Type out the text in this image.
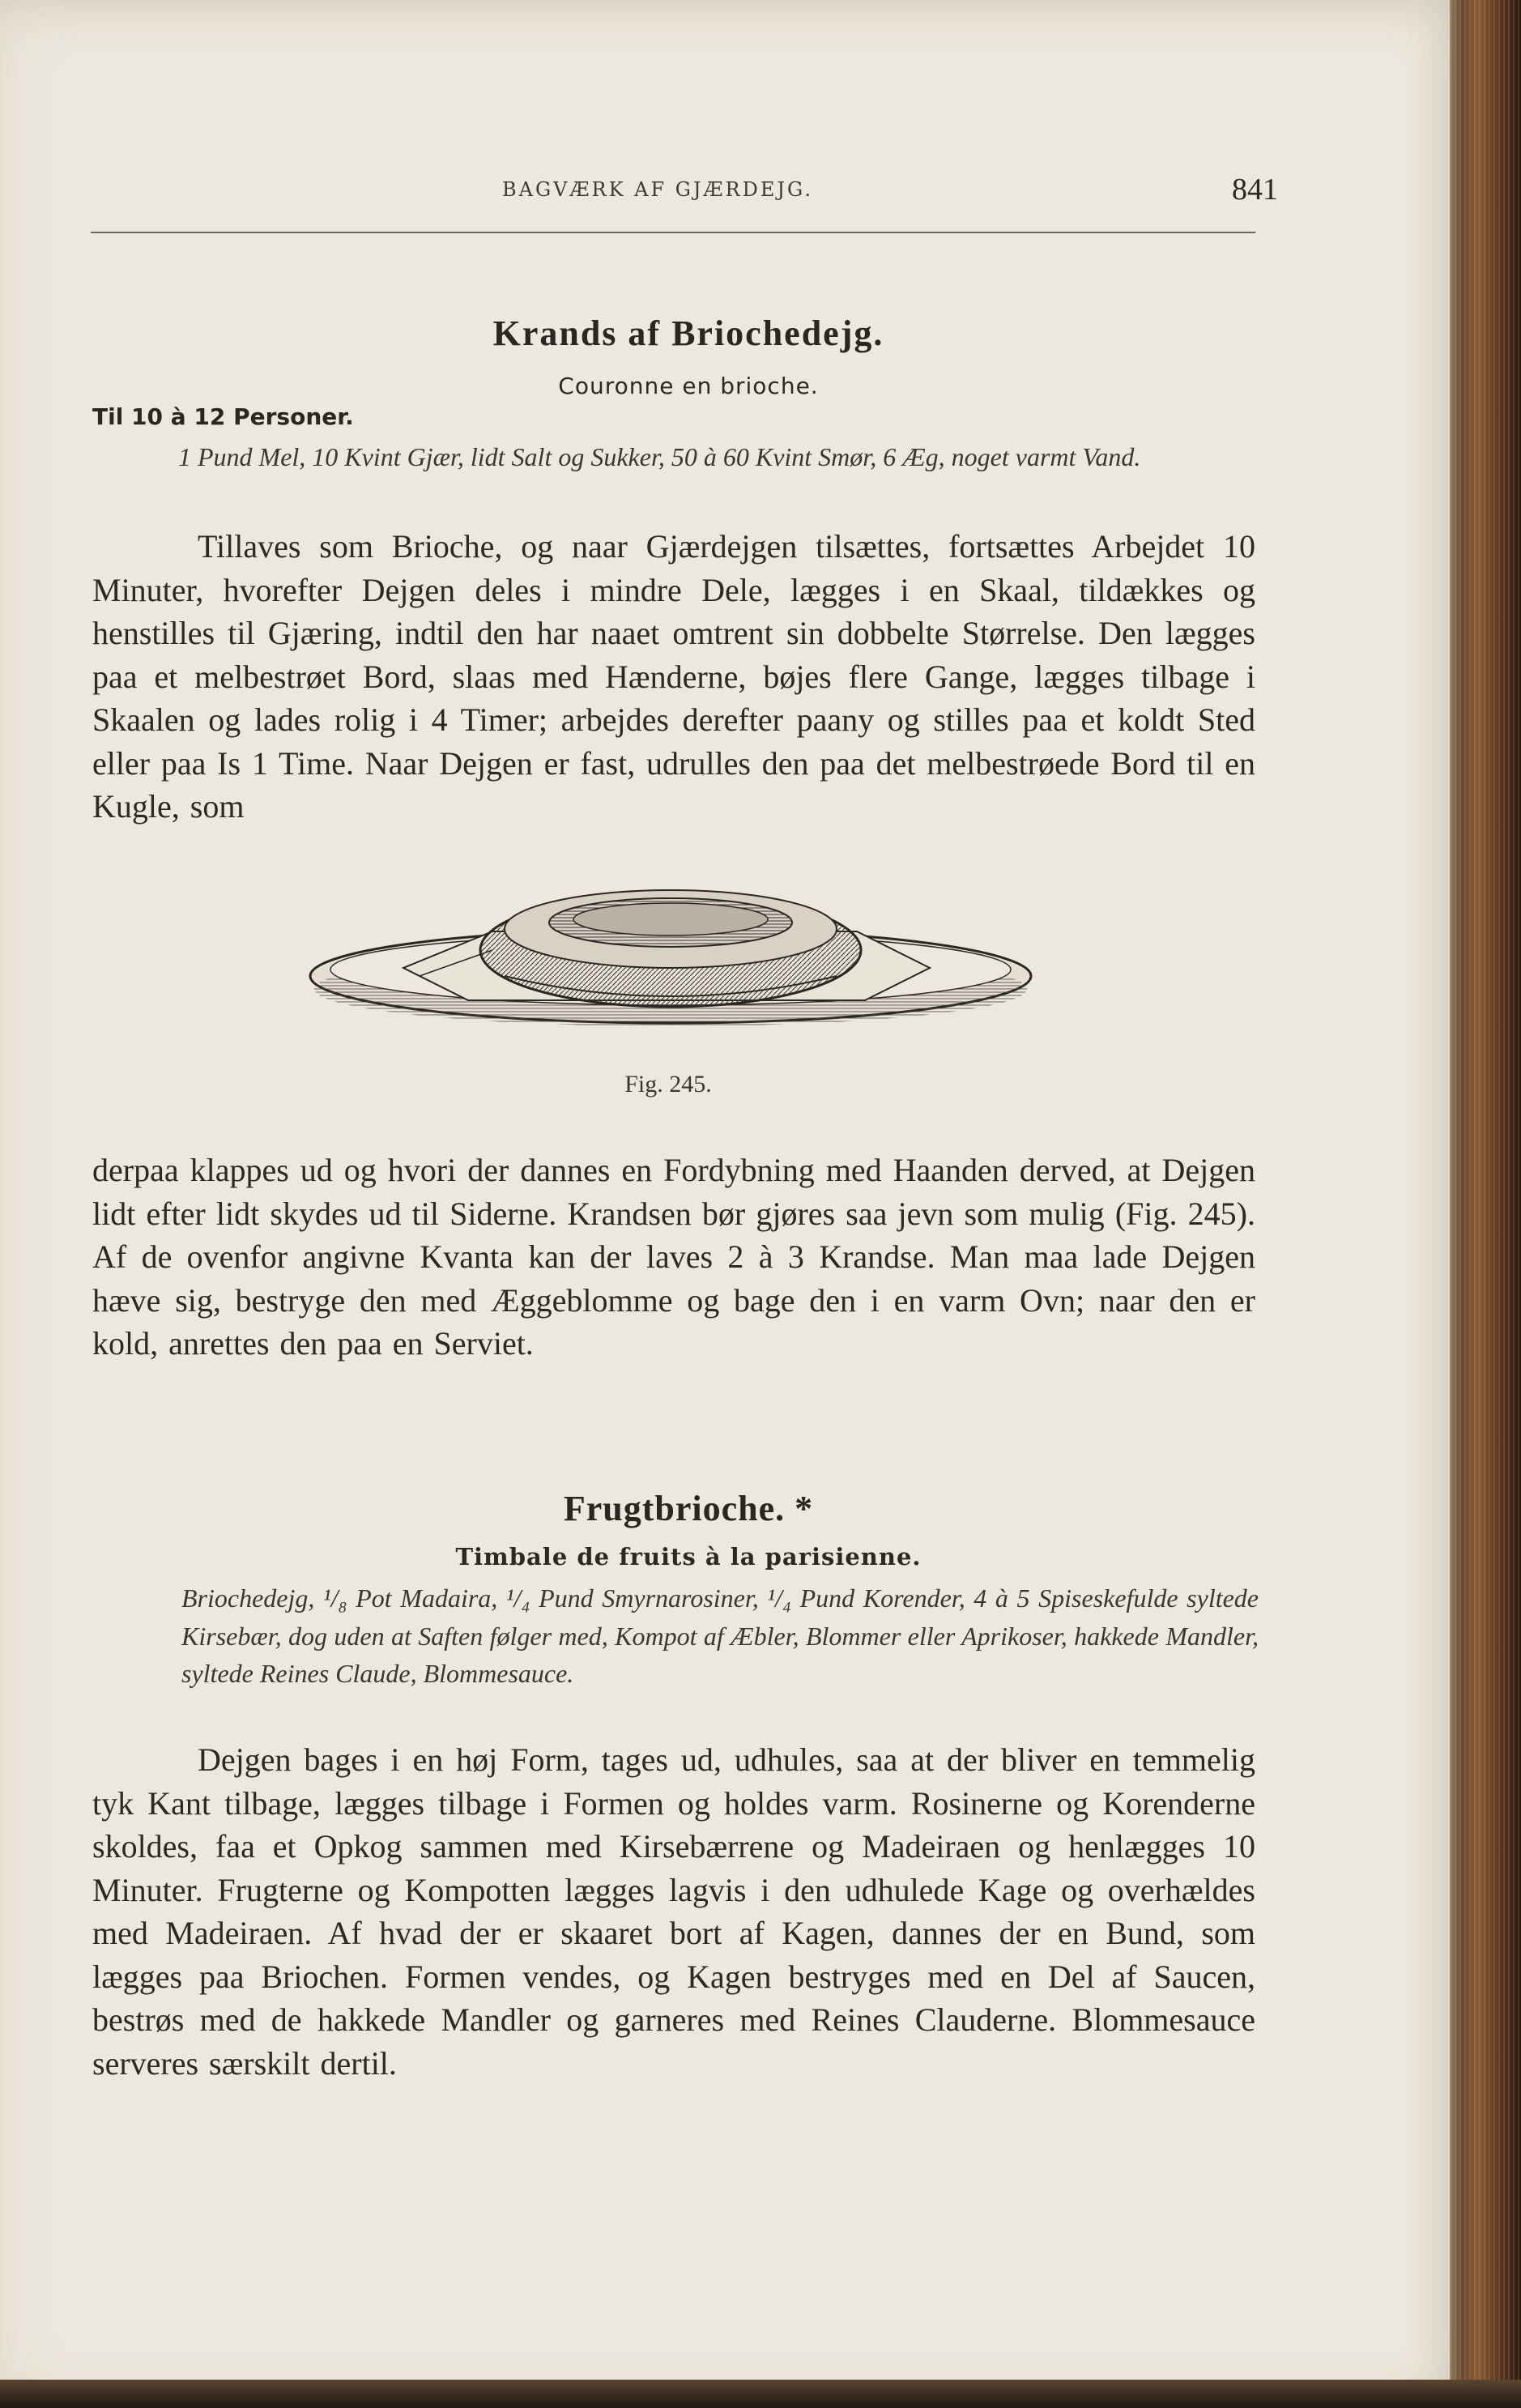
BAGVÆRK AF GJÆRDEJG.	841

Krands af Briochedejg.

Couronne en brioche.

Til 10 à 12 Personer.

1 Pund Mel, 10 Kvint Gjær, lidt Salt og Sukker, 50 à 60 Kvint Smør, 6 Æg, noget varmt Vand.

Tillaves som Brioche, og naar Gjærdejgen tilsættes, fortsættes Arbejdet 10 Minuter, hvorefter Dejgen deles i mindre Dele, lægges i en Skaal, tildækkes og henstilles til Gjæring, indtil den har naaet omtrent sin dobbelte Størrelse. Den lægges paa et melbestrøet Bord, slaas med Hænderne, bøjes flere Gange, lægges tilbage i Skaalen og lades rolig i 4 Timer; arbejdes derefter paany og stilles paa et koldt Sted eller paa Is 1 Time. Naar Dejgen er fast, udrulles den paa det melbestrøede Bord til en Kugle, som

Fig. 245.

derpaa klappes ud og hvori der dannes en Fordybning med Haanden derved, at Dejgen lidt efter lidt skydes ud til Siderne. Krandsen bør gjøres saa jevn som mulig (Fig. 245). Af de ovenfor angivne Kvanta kan der laves 2 à 3 Krandse. Man maa lade Dejgen hæve sig, bestryge den med Æggeblomme og bage den i en varm Ovn; naar den er kold, anrettes den paa en Serviet.

Frugtbrioche. *

Timbale de fruits à la parisienne.

Briochedejg, ¹/₈ Pot Madaira, ¹/₄ Pund Smyrnarosiner, ¹/₄ Pund Korender, 4 à 5 Spiseskefulde syltede Kirsebær, dog uden at Saften følger med, Kompot af Æbler, Blommer eller Aprikoser, hakkede Mandler, syltede Reines Claude, Blommesauce.

Dejgen bages i en høj Form, tages ud, udhules, saa at der bliver en temmelig tyk Kant tilbage, lægges tilbage i Formen og holdes varm. Rosinerne og Korenderne skoldes, faa et Opkog sammen med Kirsebærrene og Madeiraen og henlægges 10 Minuter. Frugterne og Kompotten lægges lagvis i den udhulede Kage og overhældes med Madeiraen. Af hvad der er skaaret bort af Kagen, dannes der en Bund, som lægges paa Briochen. Formen vendes, og Kagen bestryges med en Del af Saucen, bestrøs med de hakkede Mandler og garneres med Reines Clauderne. Blommesauce serveres særskilt dertil.
